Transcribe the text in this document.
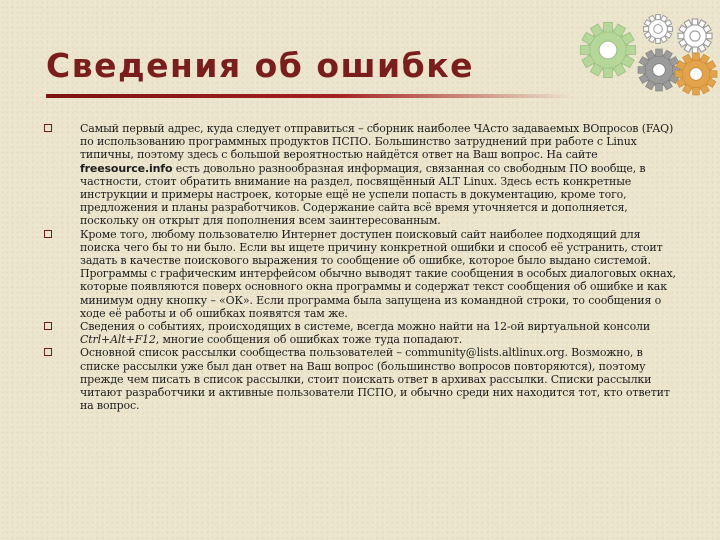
Сведения об ошибке
Самый первый адрес, куда следует отправиться – сборник наиболее ЧАсто задаваемых ВОпросов (FAQ) по использованию программных продуктов ПСПО. Большинство затруднений при работе с Linux типичны, поэтому здесь с большой вероятностью найдётся ответ на Ваш вопрос. На сайте freesource.info есть довольно разнообразная информация, связанная со свободным ПО вообще, в частности, стоит обратить внимание на раздел, посвящённый ALT Linux. Здесь есть конкретные инструкции и примеры настроек, которые ещё не успели попасть в документацию, кроме того, предложения и планы разработчиков. Содержание сайта всё время уточняется и дополняется, поскольку он открыт для пополнения всем заинтересованным.
Кроме того, любому пользователю Интернет доступен поисковый сайт наиболее подходящий для поиска чего бы то ни было. Если вы ищете причину конкретной ошибки и способ её устранить, стоит задать в качестве поискового выражения то сообщение об ошибке, которое было выдано системой. Программы с графическим интерфейсом обычно выводят такие сообщения в особых диалоговых окнах, которые появляются поверх основного окна программы и содержат текст сообщения об ошибке и как минимум одну кнопку – «ОК». Если программа была запущена из командной строки, то сообщения о ходе её работы и об ошибках появятся там же.
Сведения о событиях, происходящих в системе, всегда можно найти на 12-ой виртуальной консоли Ctrl+Alt+F12, многие сообщения об ошибках тоже туда попадают.
Основной список рассылки сообщества пользователей – community@lists.altlinux.org. Возможно, в списке рассылки уже был дан ответ на Ваш вопрос (большинство вопросов повторяются), поэтому прежде чем писать в список рассылки, стоит поискать ответ в архивах рассылки. Списки рассылки читают разработчики и активные пользователи ПСПО, и обычно среди них находится тот, кто ответит на вопрос.
